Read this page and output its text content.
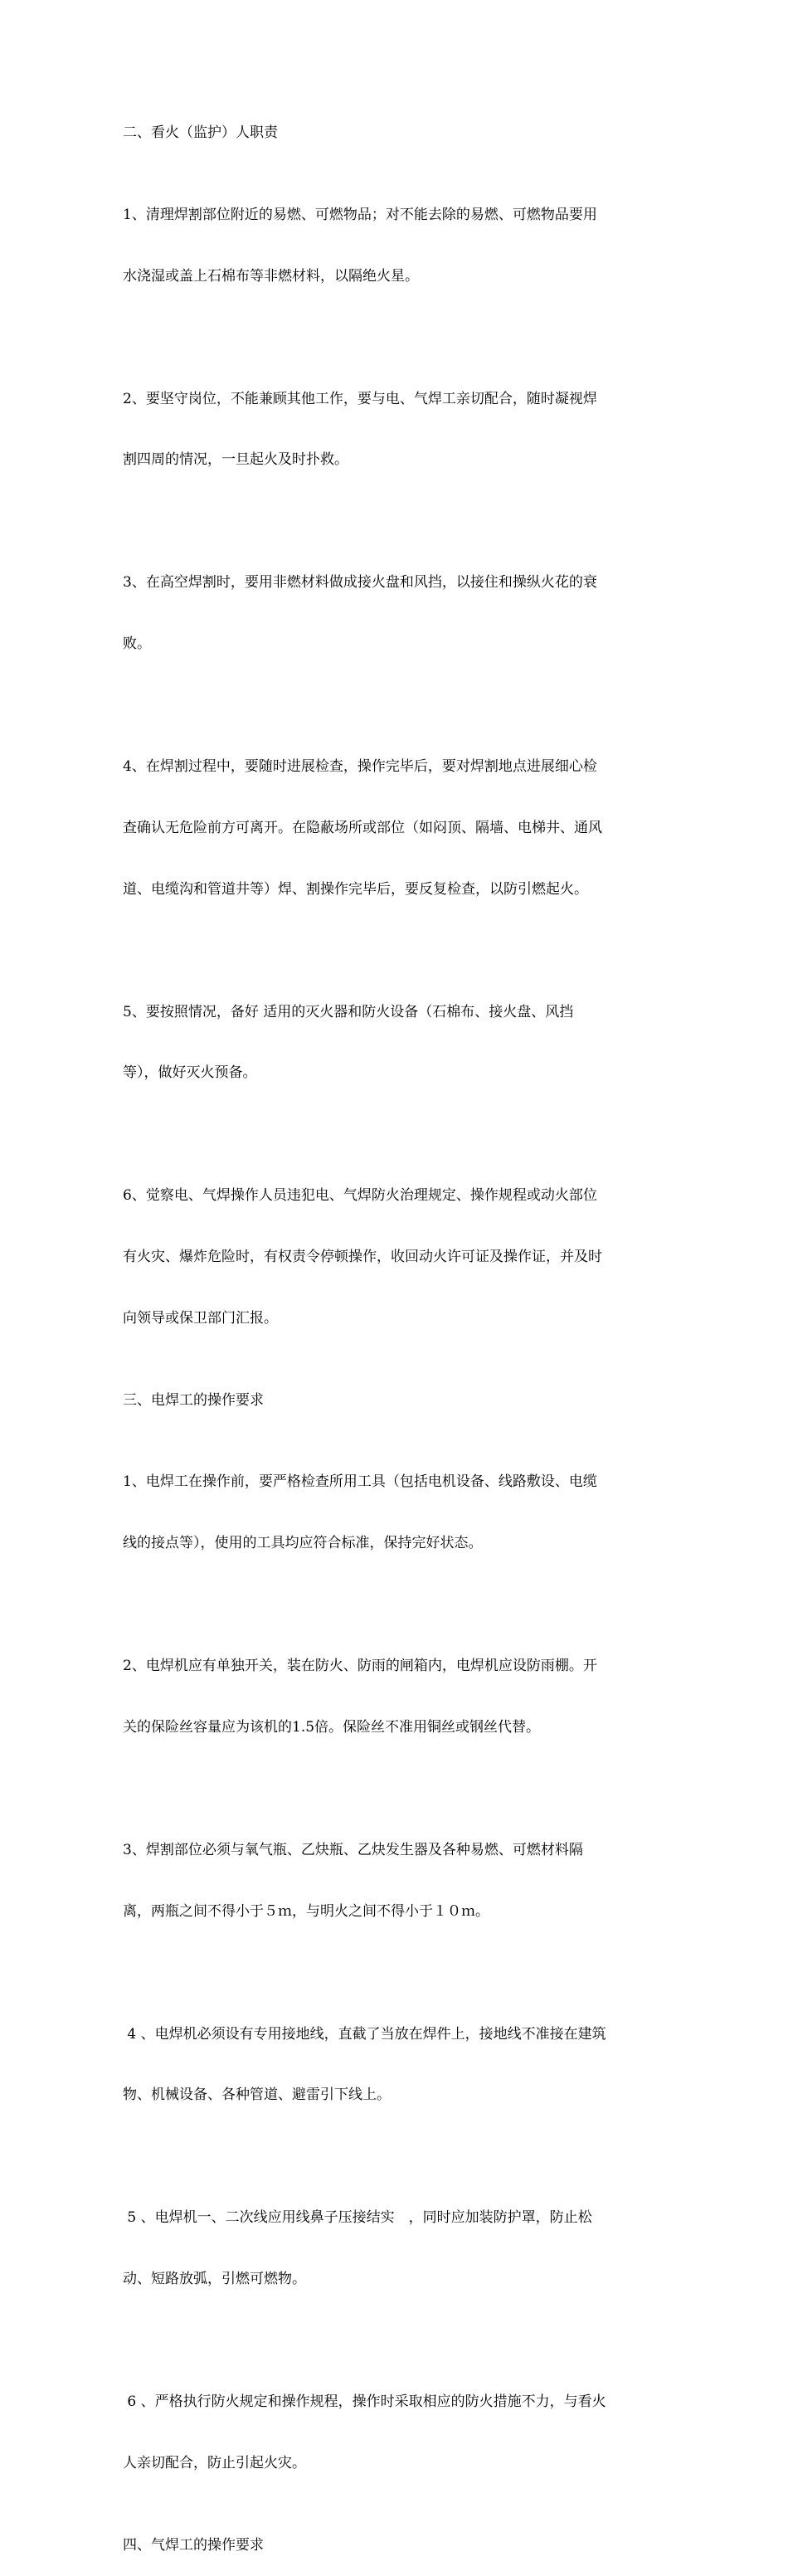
二、看火（监护）人职责

1、清理焊割部位附近的易燃、可燃物品；对不能去除的易燃、可燃物品要用

水浇湿或盖上石棉布等非燃材料，以隔绝火星。

2、要坚守岗位，不能兼顾其他工作，要与电、气焊工亲切配合，随时凝视焊

割四周的情况，一旦起火及时扑救。

3、在高空焊割时，要用非燃材料做成接火盘和风挡，以接住和操纵火花的衰

败。

4、在焊割过程中，要随时进展检查，操作完毕后，要对焊割地点进展细心检

查确认无危险前方可离开。在隐蔽场所或部位（如闷顶、隔墙、电梯井、通风

道、电缆沟和管道井等）焊、割操作完毕后，要反复检查，以防引燃起火。

5、要按照情况，备好 适用的灭火器和防火设备（石棉布、接火盘、风挡

等），做好灭火预备。

6、觉察电、气焊操作人员违犯电、气焊防火治理规定、操作规程或动火部位

有火灾、爆炸危险时，有权责令停顿操作，收回动火许可证及操作证，并及时

向领导或保卫部门汇报。

三、电焊工的操作要求

1、电焊工在操作前，要严格检查所用工具（包括电机设备、线路敷设、电缆

线的接点等），使用的工具均应符合标准，保持完好状态。

2、电焊机应有单独开关，装在防火、防雨的闸箱内，电焊机应设防雨棚。开

关的保险丝容量应为该机的1.5倍。保险丝不准用铜丝或钢丝代替。

3、焊割部位必须与氧气瓶、乙炔瓶、乙炔发生器及各种易燃、可燃材料隔

离，两瓶之间不得小于５ｍ，与明火之间不得小于１０ｍ。

4 、电焊机必须设有专用接地线，直截了当放在焊件上，接地线不准接在建筑

物、机械设备、各种管道、避雷引下线上。

5 、电焊机一、二次线应用线鼻子压接结实　，同时应加装防护罩，防止松

动、短路放弧，引燃可燃物。

6 、严格执行防火规定和操作规程，操作时采取相应的防火措施不力，与看火

人亲切配合，防止引起火灾。

四、气焊工的操作要求
